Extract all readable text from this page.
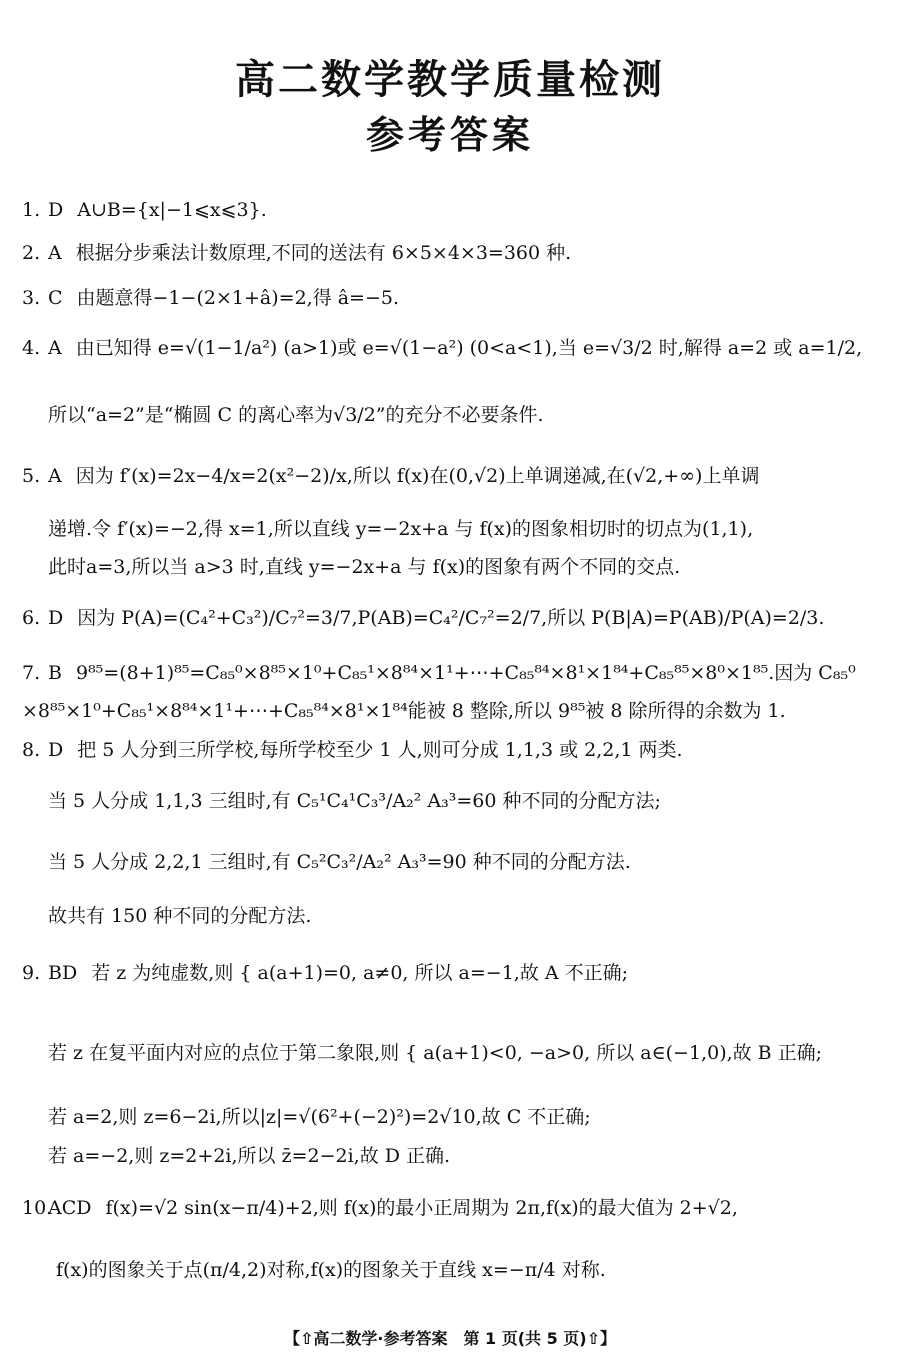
高二数学教学质量检测
参考答案
1. D A∪B={x|−1⩽x⩽3}.
2. A 根据分步乘法计数原理,不同的送法有 6×5×4×3=360 种.
3. C 由题意得−1−(2×1+â)=2,得 â=−5.
4. A 由已知得 e=√(1−1/a²) (a>1)或 e=√(1−a²) (0<a<1),当 e=√3/2 时,解得 a=2 或 a=1/2,
所以“a=2”是“椭圆 C 的离心率为√3/2”的充分不必要条件.
5. A 因为 f′(x)=2x−4/x=2(x²−2)/x,所以 f(x)在(0,√2)上单调递减,在(√2,+∞)上单调
递增.令 f′(x)=−2,得 x=1,所以直线 y=−2x+a 与 f(x)的图象相切时的切点为(1,1),
此时a=3,所以当 a>3 时,直线 y=−2x+a 与 f(x)的图象有两个不同的交点.
6. D 因为 P(A)=(C₄²+C₃²)/C₇²=3/7,P(AB)=C₄²/C₇²=2/7,所以 P(B|A)=P(AB)/P(A)=2/3.
7. B 9⁸⁵=(8+1)⁸⁵=C₈₅⁰×8⁸⁵×1⁰+C₈₅¹×8⁸⁴×1¹+⋯+C₈₅⁸⁴×8¹×1⁸⁴+C₈₅⁸⁵×8⁰×1⁸⁵.因为 C₈₅⁰
×8⁸⁵×1⁰+C₈₅¹×8⁸⁴×1¹+⋯+C₈₅⁸⁴×8¹×1⁸⁴能被 8 整除,所以 9⁸⁵被 8 除所得的余数为 1.
8. D 把 5 人分到三所学校,每所学校至少 1 人,则可分成 1,1,3 或 2,2,1 两类.
当 5 人分成 1,1,3 三组时,有 C₅¹C₄¹C₃³/A₂² A₃³=60 种不同的分配方法;
当 5 人分成 2,2,1 三组时,有 C₅²C₃²/A₂² A₃³=90 种不同的分配方法.
故共有 150 种不同的分配方法.
9. BD 若 z 为纯虚数,则 { a(a+1)=0, a≠0, 所以 a=−1,故 A 不正确;
若 z 在复平面内对应的点位于第二象限,则 { a(a+1)<0, −a>0, 所以 a∈(−1,0),故 B 正确;
若 a=2,则 z=6−2i,所以|z|=√(6²+(−2)²)=2√10,故 C 不正确;
若 a=−2,则 z=2+2i,所以 z̄=2−2i,故 D 正确.
10.ACD f(x)=√2 sin(x−π/4)+2,则 f(x)的最小正周期为 2π,f(x)的最大值为 2+√2,
f(x)的图象关于点(π/4,2)对称,f(x)的图象关于直线 x=−π/4 对称.
【⇧高二数学·参考答案　第 1 页(共 5 页)⇧】
